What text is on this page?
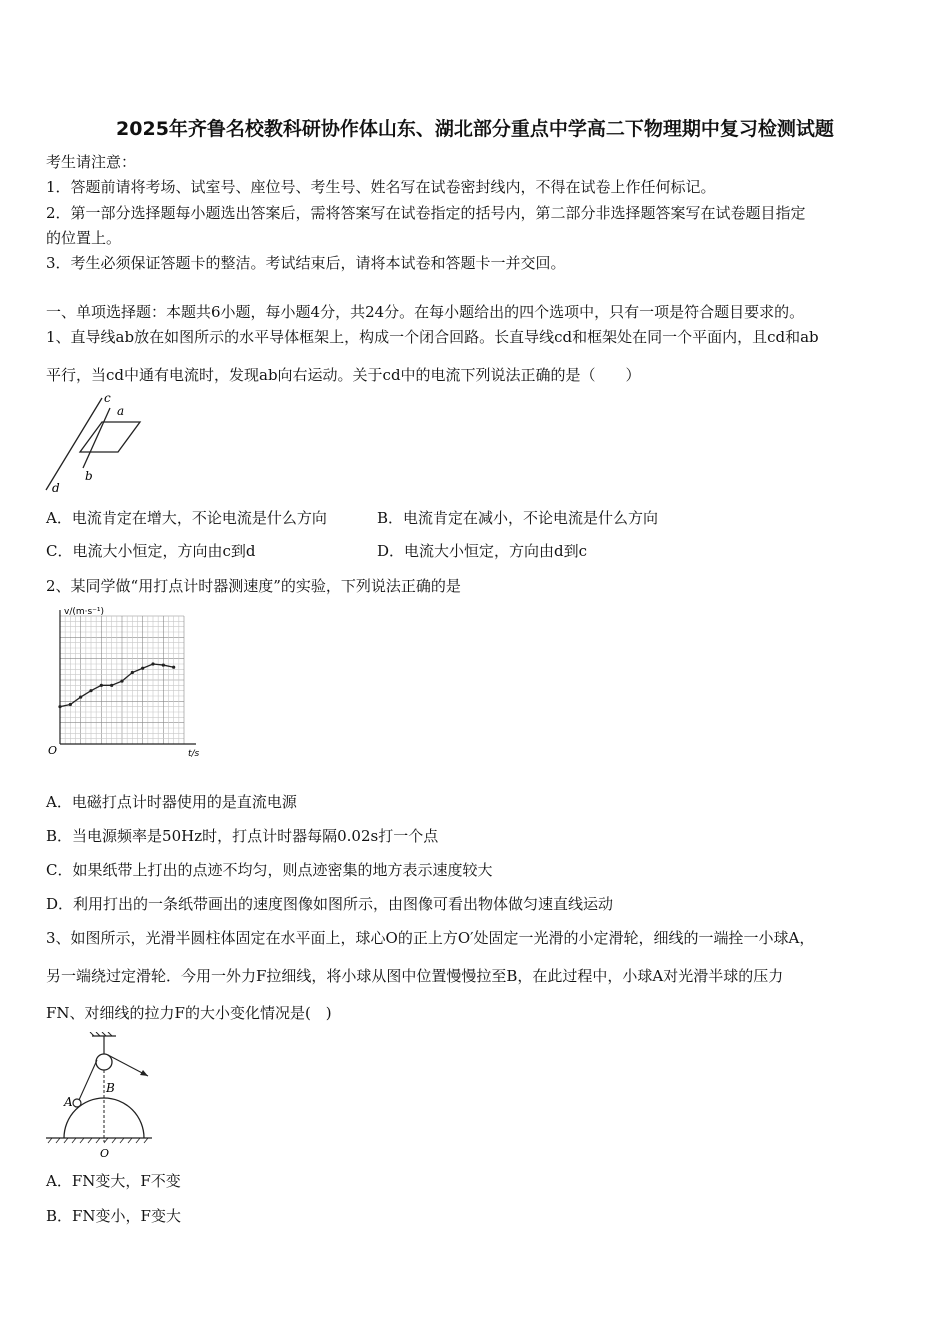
2025年齐鲁名校教科研协作体山东、湖北部分重点中学高二下物理期中复习检测试题
考生请注意：
1．答题前请将考场、试室号、座位号、考生号、姓名写在试卷密封线内，不得在试卷上作任何标记。
2．第一部分选择题每小题选出答案后，需将答案写在试卷指定的括号内，第二部分非选择题答案写在试卷题目指定
的位置上。
3．考生必须保证答题卡的整洁。考试结束后，请将本试卷和答题卡一并交回。
一、单项选择题：本题共6小题，每小题4分，共24分。在每小题给出的四个选项中，只有一项是符合题目要求的。
1、直导线ab放在如图所示的水平导体框架上，构成一个闭合回路。长直导线cd和框架处在同一个平面内，且cd和ab
平行，当cd中通有电流时，发现ab向右运动。关于cd中的电流下列说法正确的是（　　）
c
a
b
d
A．电流肯定在增大，不论电流是什么方向	B．电流肯定在减小，不论电流是什么方向
C．电流大小恒定，方向由c到d	D．电流大小恒定，方向由d到c
2、某同学做“用打点计时器测速度”的实验，下列说法正确的是
v/(m·s⁻¹)
t/s
O
A．电磁打点计时器使用的是直流电源
B．当电源频率是50Hz时，打点计时器每隔0.02s打一个点
C．如果纸带上打出的点迹不均匀，则点迹密集的地方表示速度较大
D．利用打出的一条纸带画出的速度图像如图所示，由图像可看出物体做匀速直线运动
3、如图所示，光滑半圆柱体固定在水平面上，球心O的正上方O′处固定一光滑的小定滑轮，细线的一端拴一小球A，
另一端绕过定滑轮．今用一外力F拉细线，将小球从图中位置慢慢拉至B，在此过程中，小球A对光滑半球的压力
FN、对细线的拉力F的大小变化情况是(　)
A
B
O
A．FN变大，F不变
B．FN变小，F变大
